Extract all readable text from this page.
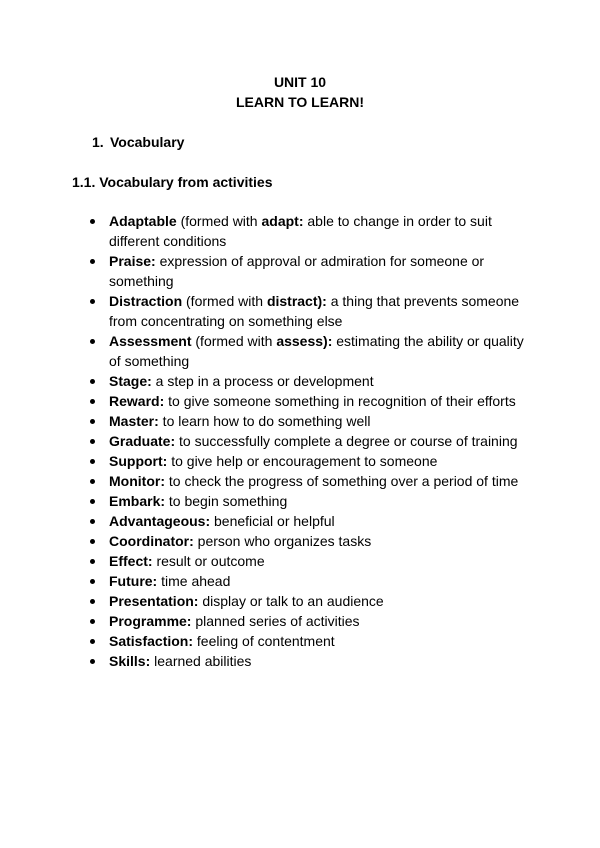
UNIT 10
LEARN TO LEARN!
1. Vocabulary
1.1. Vocabulary from activities
Adaptable (formed with adapt: able to change in order to suit different conditions
Praise: expression of approval or admiration for someone or something
Distraction (formed with distract): a thing that prevents someone from concentrating on something else
Assessment (formed with assess): estimating the ability or quality of something
Stage: a step in a process or development
Reward: to give someone something in recognition of their efforts
Master: to learn how to do something well
Graduate: to successfully complete a degree or course of training
Support: to give help or encouragement to someone
Monitor: to check the progress of something over a period of time
Embark: to begin something
Advantageous: beneficial or helpful
Coordinator: person who organizes tasks
Effect: result or outcome
Future: time ahead
Presentation: display or talk to an audience
Programme: planned series of activities
Satisfaction: feeling of contentment
Skills: learned abilities
